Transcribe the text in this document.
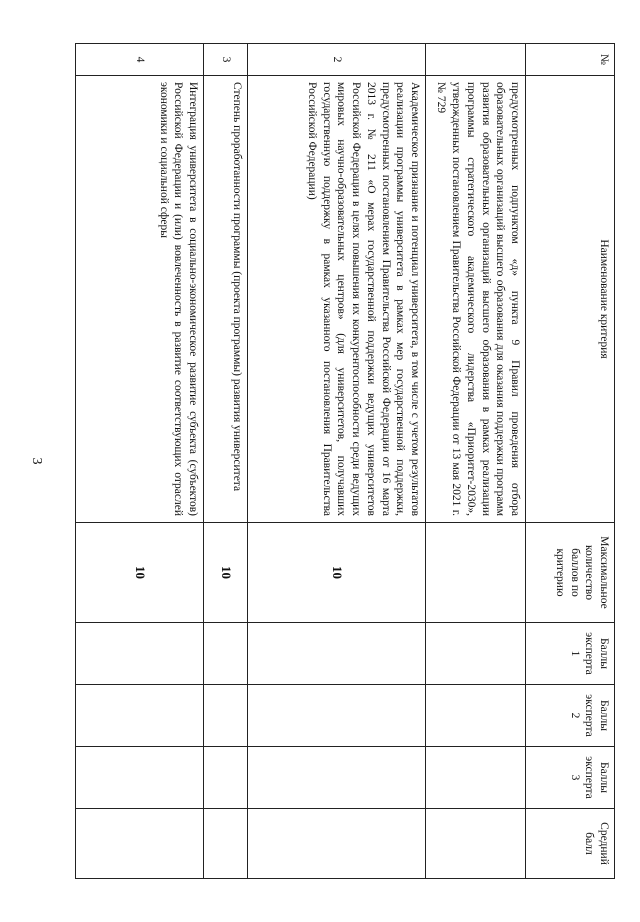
3
№	Наименование критерия	Максимальное количество баллов по критерию	Баллы эксперта 1	Баллы эксперта 2	Баллы эксперта 3	Средний балл
	предусмотренных подпунктом «д» пункта 9 Правил проведения отбора образовательных организаций высшего образования для оказания поддержки программ развития образовательных организаций высшего образования в рамках реализации программы стратегического академического лидерства «Приоритет-2030», утвержденных постановлением Правительства Российской Федерации от 13 мая 2021 г. № 729					
2	Академическое признание и потенциал университета, в том числе с учетом результатов реализации программы университета в рамках мер государственной поддержки, предусмотренных постановлением Правительства Российской Федерации от 16 марта 2013 г. № 211 «О мерах государственной поддержки ведущих университетов Российской Федерации в целях повышения их конкурентоспособности среди ведущих мировых научно-образовательных центров» (для университетов, получавших государственную поддержку в рамках указанного постановления Правительства Российской Федерации)	10				
3	Степень проработанности программы (проекта программы) развития университета	10				
4	Интеграция университета в социально-экономическое развитие субъекта (субъектов) Российской Федерации и (или) вовлеченность в развитие соответствующих отраслей экономики и социальной сферы	10				
